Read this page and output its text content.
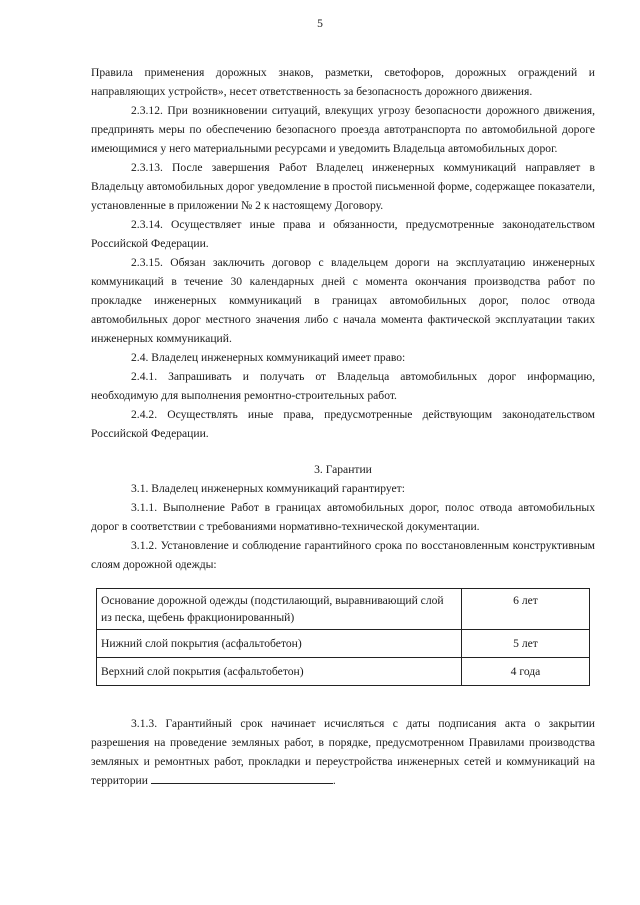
5

Правила применения дорожных знаков, разметки, светофоров, дорожных ограждений и направляющих устройств», несет ответственность за безопасность дорожного движения.

2.3.12. При возникновении ситуаций, влекущих угрозу безопасности дорожного движения, предпринять меры по обеспечению безопасного проезда автотранспорта по автомобильной дороге имеющимися у него материальными ресурсами и уведомить Владельца автомобильных дорог.

2.3.13. После завершения Работ Владелец инженерных коммуникаций направляет в Владельцу автомобильных дорог уведомление в простой письменной форме, содержащее показатели, установленные в приложении № 2 к настоящему Договору.

2.3.14. Осуществляет иные права и обязанности, предусмотренные законодательством Российской Федерации.

2.3.15. Обязан заключить договор с владельцем дороги на эксплуатацию инженерных коммуникаций в течение 30 календарных дней с момента окончания производства работ по прокладке инженерных коммуникаций в границах автомобильных дорог, полос отвода автомобильных дорог местного значения либо с начала момента фактической эксплуатации таких инженерных коммуникаций.

2.4. Владелец инженерных коммуникаций имеет право:

2.4.1. Запрашивать и получать от Владельца автомобильных дорог информацию, необходимую для выполнения ремонтно-строительных работ.

2.4.2. Осуществлять иные права, предусмотренные действующим законодательством Российской Федерации.

3. Гарантии

3.1. Владелец инженерных коммуникаций гарантирует:

3.1.1. Выполнение Работ в границах автомобильных дорог, полос отвода автомобильных дорог в соответствии с требованиями нормативно-технической документации.

3.1.2. Установление и соблюдение гарантийного срока по восстановленным конструктивным слоям дорожной одежды:

Основание дорожной одежды (подстилающий, выравнивающий слой из песка, щебень фракционированный)	6 лет
Нижний слой покрытия (асфальтобетон)	5 лет
Верхний слой покрытия (асфальтобетон)	4 года

3.1.3. Гарантийный срок начинает исчисляться с даты подписания акта о закрытии разрешения на проведение земляных работ, в порядке, предусмотренном Правилами производства земляных и ремонтных работ, прокладки и переустройства инженерных сетей и коммуникаций на территории	.
